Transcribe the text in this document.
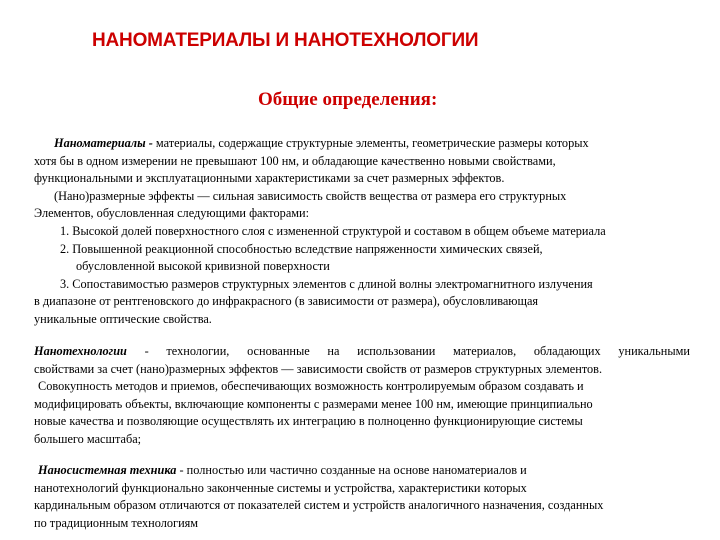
НАНОМАТЕРИАЛЫ И НАНОТЕХНОЛОГИИ
Общие определения:
Наноматериалы - материалы, содержащие структурные элементы, геометрические размеры которых
хотя бы в одном измерении не превышают 100 нм, и обладающие качественно новыми свойствами,
функциональными и эксплуатационными характеристиками за счет размерных эффектов.
(Нано)размерные эффекты — сильная зависимость свойств вещества от размера его структурных
Элементов, обусловленная следующими факторами:
1. Высокой долей поверхностного слоя с измененной структурой и составом в общем объеме материала
2. Повышенной реакционной способностью вследствие напряженности химических связей,
обусловленной высокой кривизной поверхности
3. Сопоставимостью размеров структурных элементов с длиной волны электромагнитного излучения
в диапазоне от рентгеновского до инфракрасного (в зависимости от размера), обусловливающая
уникальные оптические свойства.
Нанотехнологии - технологии, основанные на использовании материалов, обладающих уникальными
свойствами за счет (нано)размерных эффектов — зависимости свойств от размеров структурных элементов.
Совокупность методов и приемов, обеспечивающих возможность контролируемым образом создавать и
модифицировать объекты, включающие компоненты с размерами менее 100 нм, имеющие принципиально
новые качества и позволяющие осуществлять их интеграцию в полноценно функционирующие системы
большего масштаба;
Наносистемная техника - полностью или частично созданные на основе наноматериалов и
нанотехнологий функционально законченные системы и устройства, характеристики которых
кардинальным образом отличаются от показателей систем и устройств аналогичного назначения, созданных
по традиционным технологиям
